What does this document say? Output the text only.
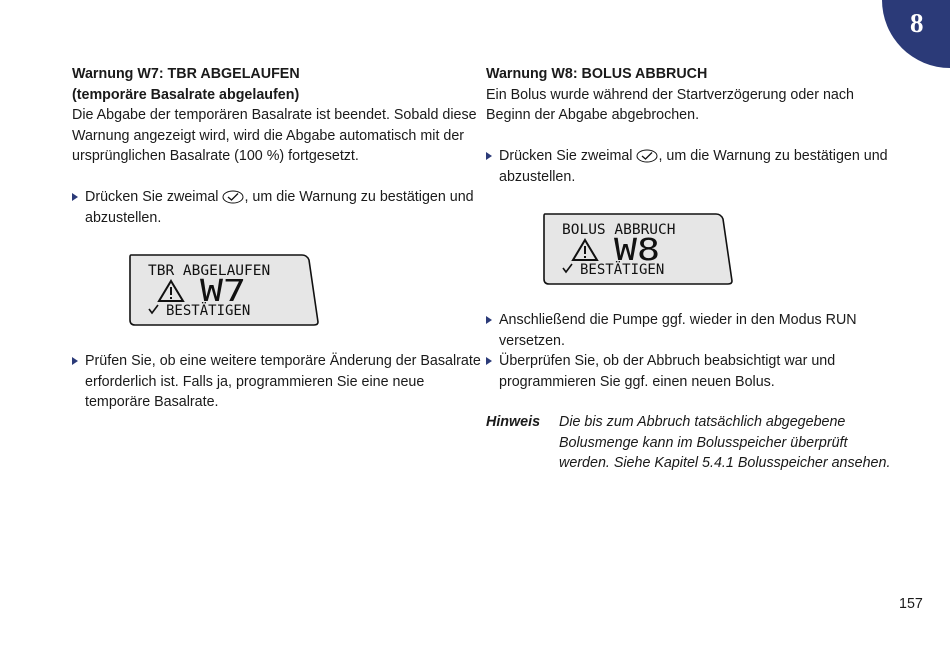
8
Warnung W7: TBR ABGELAUFEN
(temporäre Basalrate abgelaufen)
Die Abgabe der temporären Basalrate ist beendet. Sobald diese
Warnung angezeigt wird, wird die Abgabe automatisch mit der
ursprünglichen Basalrate (100 %) fortgesetzt.
Drücken Sie zweimal , um die Warnung zu bestätigen und
abzustellen.
TBR ABGELAUFEN
W7
BESTÄTIGEN
Prüfen Sie, ob eine weitere temporäre Änderung der Basalrate
erforderlich ist. Falls ja, programmieren Sie eine neue
temporäre Basalrate.
Warnung W8: BOLUS ABBRUCH
Ein Bolus wurde während der Startverzögerung oder nach
Beginn der Abgabe abgebrochen.
Drücken Sie zweimal , um die Warnung zu bestätigen und
abzustellen.
BOLUS ABBRUCH
W8
BESTÄTIGEN
Anschließend die Pumpe ggf. wieder in den Modus RUN
versetzen.
Überprüfen Sie, ob der Abbruch beabsichtigt war und
programmieren Sie ggf. einen neuen Bolus.
Hinweis Die bis zum Abbruch tatsächlich abgegebene
Bolusmenge kann im Bolusspeicher überprüft
werden. Siehe Kapitel 5.4.1 Bolusspeicher ansehen.
157
